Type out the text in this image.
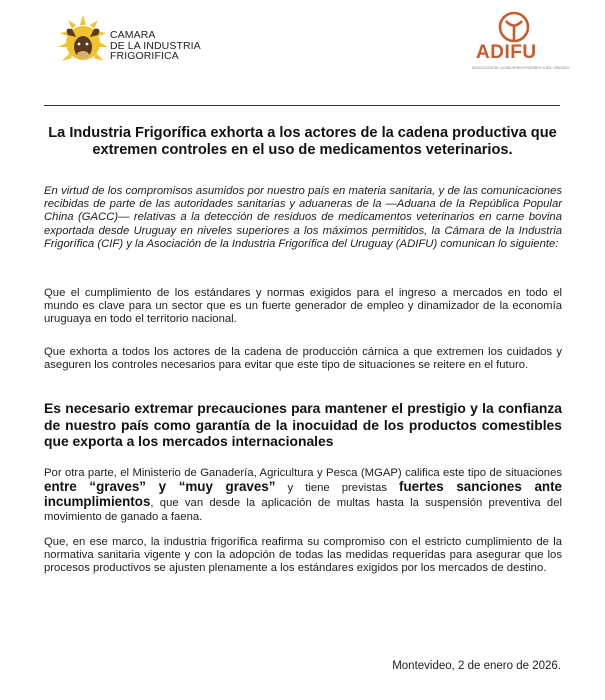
CAMARA
DE LA INDUSTRIA
FRIGORIFICA	ADIFU
ASOCIACION DE LA INDUSTRIA FRIGORIFICA DEL URUGUAY
La Industria Frigorífica exhorta a los actores de la cadena productiva que extremen controles en el uso de medicamentos veterinarios.
En virtud de los compromisos asumidos por nuestro país en materia sanitaria, y de las comunicaciones recibidas de parte de las autoridades sanitarias y aduaneras de la —Aduana de la República Popular China (GACC)— relativas a la detección de residuos de medicamentos veterinarios en carne bovina exportada desde Uruguay en niveles superiores a los máximos permitidos, la Cámara de la Industria Frigorífica (CIF) y la Asociación de la Industria Frigorífica del Uruguay (ADIFU) comunican lo siguiente:
Que el cumplimiento de los estándares y normas exigidos para el ingreso a mercados en todo el mundo es clave para un sector que es un fuerte generador de empleo y dinamizador de la economía uruguaya en todo el territorio nacional.
Que exhorta a todos los actores de la cadena de producción cárnica a que extremen los cuidados y aseguren los controles necesarios para evitar que este tipo de situaciones se reitere en el futuro.
Es necesario extremar precauciones para mantener el prestigio y la confianza de nuestro país como garantía de la inocuidad de los productos comestibles que exporta a los mercados internacionales
Por otra parte, el Ministerio de Ganadería, Agricultura y Pesca (MGAP) califica este tipo de situaciones entre “graves” y “muy graves” y tiene previstas fuertes sanciones ante incumplimientos, que van desde la aplicación de multas hasta la suspensión preventiva del movimiento de ganado a faena.
Que, en ese marco, la industria frigorífica reafirma su compromiso con el estricto cumplimiento de la normativa sanitaria vigente y con la adopción de todas las medidas requeridas para asegurar que los procesos productivos se ajusten plenamente a los estándares exigidos por los mercados de destino.
Montevideo, 2 de enero de 2026.
